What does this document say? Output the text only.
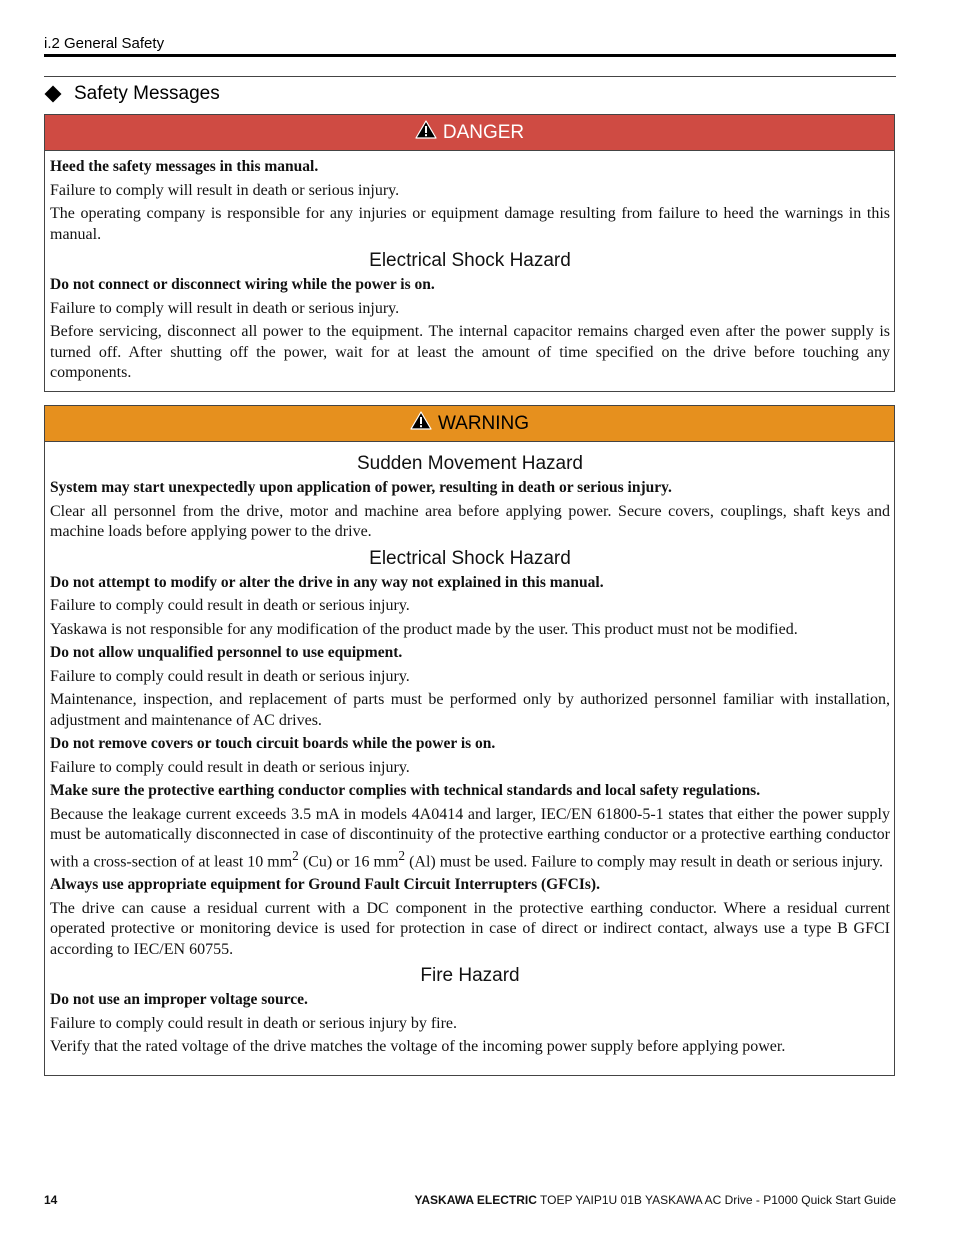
i.2 General Safety
Safety Messages
DANGER

Heed the safety messages in this manual.

Failure to comply will result in death or serious injury.

The operating company is responsible for any injuries or equipment damage resulting from failure to heed the warnings in this manual.

Electrical Shock Hazard

Do not connect or disconnect wiring while the power is on.

Failure to comply will result in death or serious injury.

Before servicing, disconnect all power to the equipment. The internal capacitor remains charged even after the power supply is turned off. After shutting off the power, wait for at least the amount of time specified on the drive before touching any components.

WARNING
Sudden Movement Hazard

System may start unexpectedly upon application of power, resulting in death or serious injury.

Clear all personnel from the drive, motor and machine area before applying power. Secure covers, couplings, shaft keys and machine loads before applying power to the drive.

Electrical Shock Hazard

Do not attempt to modify or alter the drive in any way not explained in this manual.

Failure to comply could result in death or serious injury.

Yaskawa is not responsible for any modification of the product made by the user. This product must not be modified.

Do not allow unqualified personnel to use equipment.

Failure to comply could result in death or serious injury.

Maintenance, inspection, and replacement of parts must be performed only by authorized personnel familiar with installation, adjustment and maintenance of AC drives.

Do not remove covers or touch circuit boards while the power is on.

Failure to comply could result in death or serious injury.

Make sure the protective earthing conductor complies with technical standards and local safety regulations.

Because the leakage current exceeds 3.5 mA in models 4A0414 and larger, IEC/EN 61800-5-1 states that either the power supply must be automatically disconnected in case of discontinuity of the protective earthing conductor or a protective earthing conductor with a cross-section of at least 10 $mm^2$ (Cu) or 16 $mm^2$ (Al) must be used. Failure to comply may result in death or serious injury.

Always use appropriate equipment for Ground Fault Circuit Interrupters (GFCIs).

The drive can cause a residual current with a DC component in the protective earthing conductor. Where a residual current operated protective or monitoring device is used for protection in case of direct or indirect contact, always use a type B GFCI according to IEC/EN 60755.

Fire Hazard

Do not use an improper voltage source.

Failure to comply could result in death or serious injury by fire.

Verify that the rated voltage of the drive matches the voltage of the incoming power supply before applying power.

14	YASKAWA ELECTRIC TOEP YAIP1U 01B YASKAWA AC Drive - P1000 Quick Start Guide
